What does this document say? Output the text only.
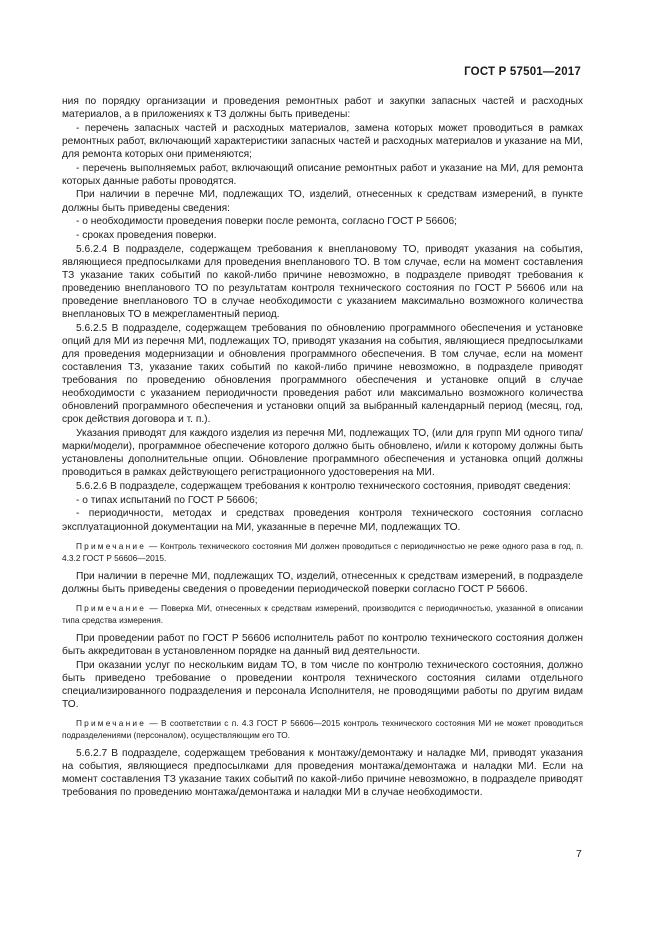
ГОСТ Р 57501—2017
ния по порядку организации и проведения ремонтных работ и закупки запасных частей и расходных материалов, а в приложениях к ТЗ должны быть приведены:
- перечень запасных частей и расходных материалов, замена которых может проводиться в рамках ремонтных работ, включающий характеристики запасных частей и расходных материалов и указание на МИ, для ремонта которых они применяются;
- перечень выполняемых работ, включающий описание ремонтных работ и указание на МИ, для ремонта которых данные работы проводятся.
При наличии в перечне МИ, подлежащих ТО, изделий, отнесенных к средствам измерений, в пункте должны быть приведены сведения:
- о необходимости проведения поверки после ремонта, согласно ГОСТ Р 56606;
- сроках проведения поверки.
5.6.2.4 В подразделе, содержащем требования к внеплановому ТО, приводят указания на события, являющиеся предпосылками для проведения внепланового ТО. В том случае, если на момент составления ТЗ указание таких событий по какой-либо причине невозможно, в подразделе приводят требования к проведению внепланового ТО по результатам контроля технического состояния по ГОСТ Р 56606 или на проведение внепланового ТО в случае необходимости с указанием максимально возможного количества внеплановых ТО в межрегламентный период.
5.6.2.5 В подразделе, содержащем требования по обновлению программного обеспечения и установке опций для МИ из перечня МИ, подлежащих ТО, приводят указания на события, являющиеся предпосылками для проведения модернизации и обновления программного обеспечения. В том случае, если на момент составления ТЗ, указание таких событий по какой-либо причине невозможно, в подразделе приводят требования по проведению обновления программного обеспечения и установке опций в случае необходимости с указанием периодичности проведения работ или максимально возможного количества обновлений программного обеспечения и установки опций за выбранный календарный период (месяц, год, срок действия договора и т. п.).
Указания приводят для каждого изделия из перечня МИ, подлежащих ТО, (или для групп МИ одного типа/марки/модели), программное обеспечение которого должно быть обновлено, и/или к которому должны быть установлены дополнительные опции. Обновление программного обеспечения и установка опций должны проводиться в рамках действующего регистрационного удостоверения на МИ.
5.6.2.6 В подразделе, содержащем требования к контролю технического состояния, приводят сведения:
- о типах испытаний по ГОСТ Р 56606;
- периодичности, методах и средствах проведения контроля технического состояния согласно эксплуатационной документации на МИ, указанные в перечне МИ, подлежащих ТО.
Примечание — Контроль технического состояния МИ должен проводиться с периодичностью не реже одного раза в год, п. 4.3.2 ГОСТ Р 56606—2015.
При наличии в перечне МИ, подлежащих ТО, изделий, отнесенных к средствам измерений, в подразделе должны быть приведены сведения о проведении периодической поверки согласно ГОСТ Р 56606.
Примечание — Поверка МИ, отнесенных к средствам измерений, производится с периодичностью, указанной в описании типа средства измерения.
При проведении работ по ГОСТ Р 56606 исполнитель работ по контролю технического состояния должен быть аккредитован в установленном порядке на данный вид деятельности.
При оказании услуг по нескольким видам ТО, в том числе по контролю технического состояния, должно быть приведено требование о проведении контроля технического состояния силами отдельного специализированного подразделения и персонала Исполнителя, не проводящими работы по другим видам ТО.
Примечание — В соответствии с п. 4.3 ГОСТ Р 56606—2015 контроль технического состояния МИ не может проводиться подразделениями (персоналом), осуществляющим его ТО.
5.6.2.7 В подразделе, содержащем требования к монтажу/демонтажу и наладке МИ, приводят указания на события, являющиеся предпосылками для проведения монтажа/демонтажа и наладки МИ. Если на момент составления ТЗ указание таких событий по какой-либо причине невозможно, в подразделе приводят требования по проведению монтажа/демонтажа и наладки МИ в случае необходимости.
7
